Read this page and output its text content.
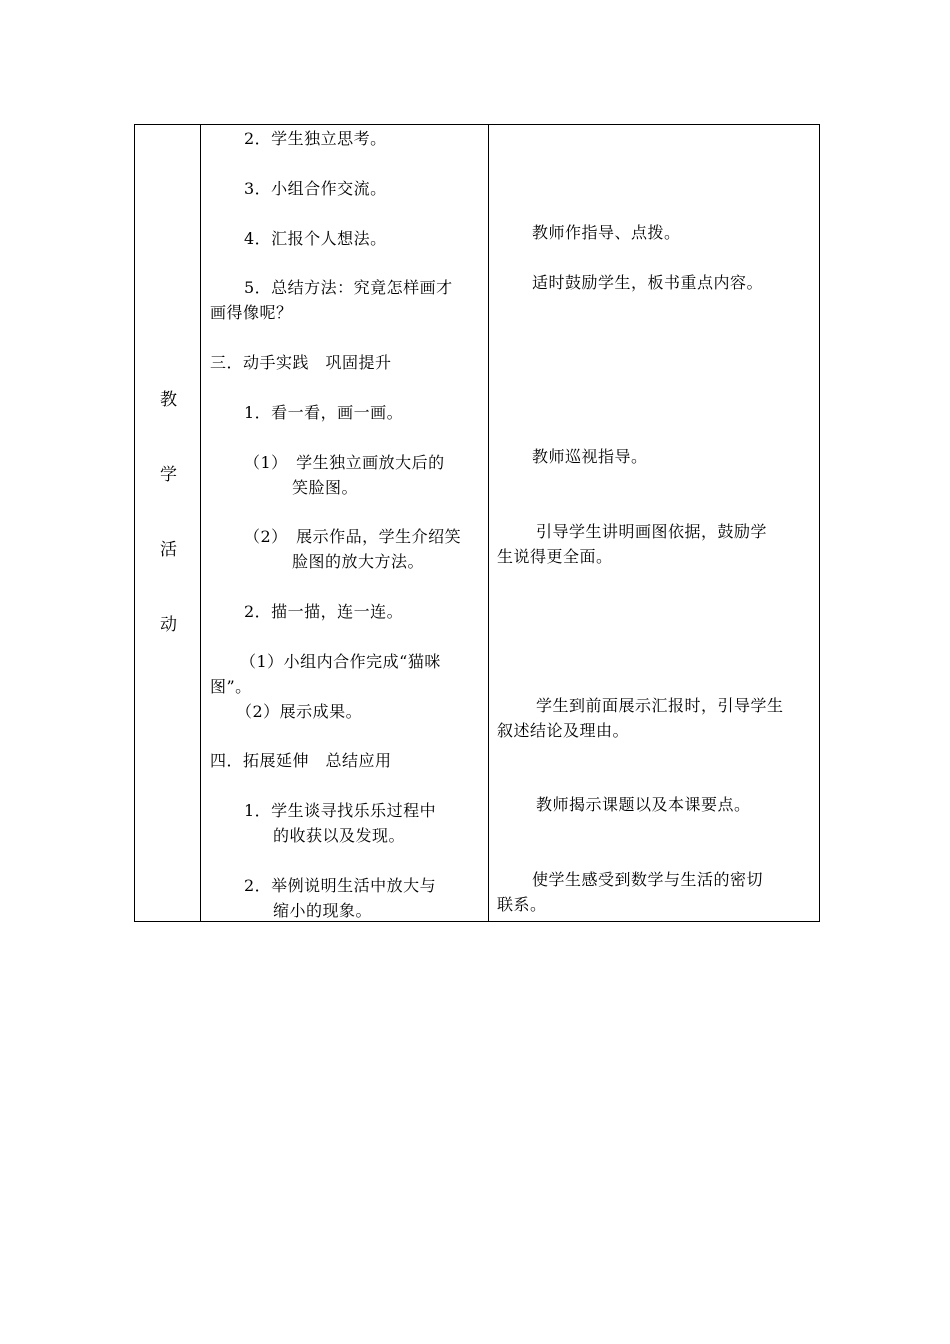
教
学
活
动
2．学生独立思考。
3．小组合作交流。
4．汇报个人想法。
5．总结方法：究竟怎样画才
画得像呢？
三．动手实践　巩固提升
1．看一看，画一画。
（1）　学生独立画放大后的
笑脸图。
（2）　展示作品，学生介绍笑
脸图的放大方法。
2．描一描，连一连。
（1）小组内合作完成“猫咪
图”。
（2）展示成果。
四．拓展延伸　总结应用
1．学生谈寻找乐乐过程中
的收获以及发现。
2．举例说明生活中放大与
缩小的现象。
教师作指导、点拨。
适时鼓励学生，板书重点内容。
教师巡视指导。
引导学生讲明画图依据，鼓励学
生说得更全面。
学生到前面展示汇报时，引导学生
叙述结论及理由。
教师揭示课题以及本课要点。
使学生感受到数学与生活的密切
联系。
